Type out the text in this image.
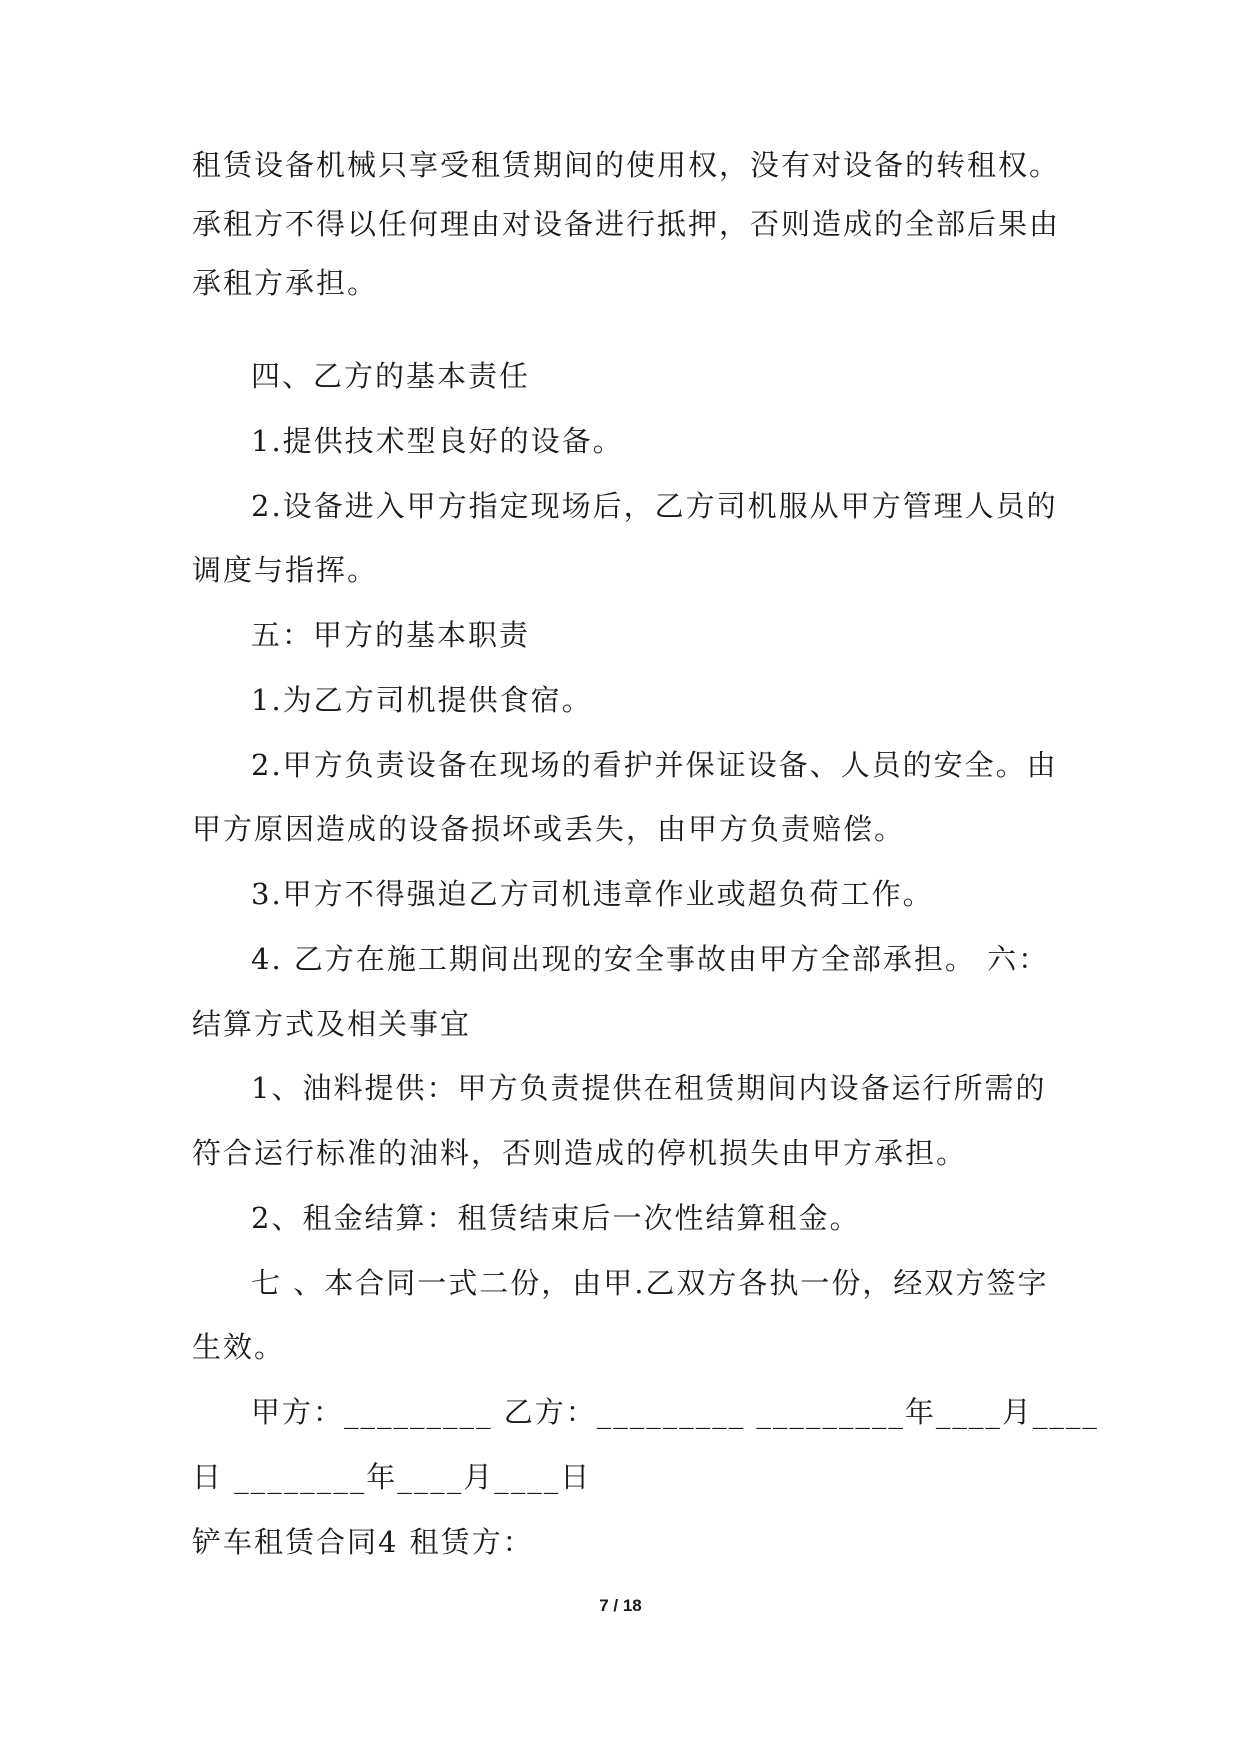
租赁设备机械只享受租赁期间的使用权，没有对设备的转租权。
承租方不得以任何理由对设备进行抵押，否则造成的全部后果由
承租方承担。
四、乙方的基本责任
1.提供技术型良好的设备。
2.设备进入甲方指定现场后，乙方司机服从甲方管理人员的
调度与指挥。
五：甲方的基本职责
1.为乙方司机提供食宿。
2.甲方负责设备在现场的看护并保证设备、人员的安全。由
甲方原因造成的设备损坏或丢失，由甲方负责赔偿。
3.甲方不得强迫乙方司机违章作业或超负荷工作。
4. 乙方在施工期间出现的安全事故由甲方全部承担。 六：
结算方式及相关事宜
1、油料提供：甲方负责提供在租赁期间内设备运行所需的
符合运行标准的油料，否则造成的停机损失由甲方承担。
2、租金结算：租赁结束后一次性结算租金。
七 、本合同一式二份，由甲.乙双方各执一份，经双方签字
生效。
甲方：_________ 乙方：_________ _________年____月____
日 ________年____月____日
铲车租赁合同4 租赁方：
7 / 18
